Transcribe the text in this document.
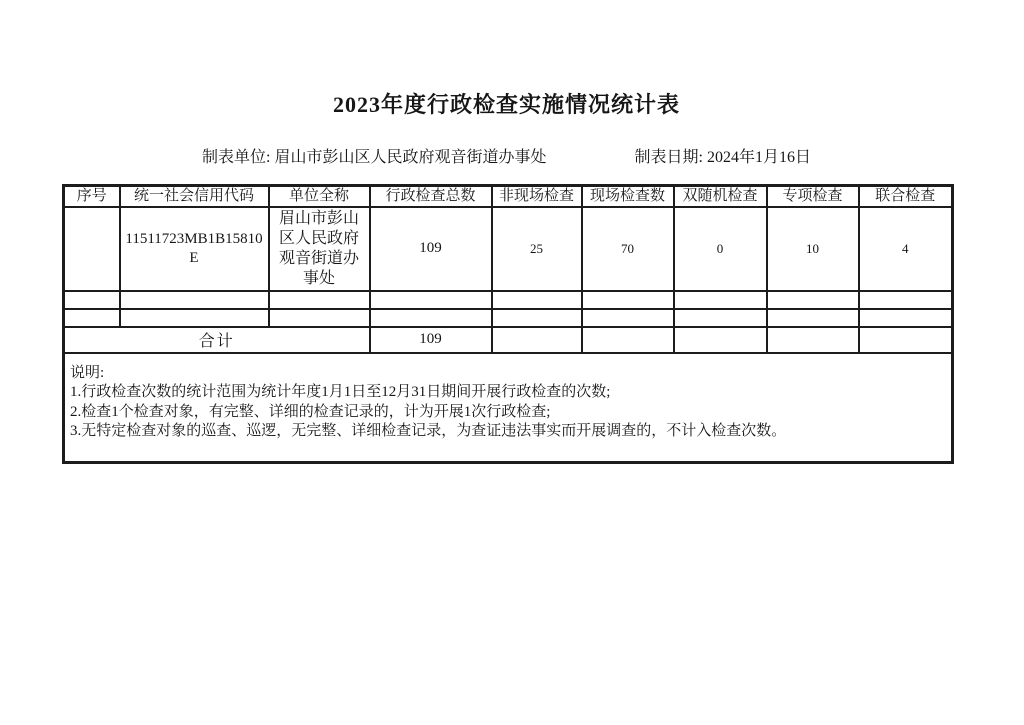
2023年度行政检查实施情况统计表
制表单位: 眉山市彭山区人民政府观音街道办事处	制表日期: 2024年1月16日
序号	统一社会信用代码	单位全称	行政检查总数	非现场检查	现场检查数	双随机检查	专项检查	联合检查
	11511723MB1B15810E	眉山市彭山区人民政府观音街道办事处	109	25	70	0	10	4

合计			109					

说明:
1.行政检查次数的统计范围为统计年度1月1日至12月31日期间开展行政检查的次数;
2.检查1个检查对象，有完整、详细的检查记录的，计为开展1次行政检查;
3.无特定检查对象的巡查、巡逻，无完整、详细检查记录，为查证违法事实而开展调查的，不计入检查次数。								
